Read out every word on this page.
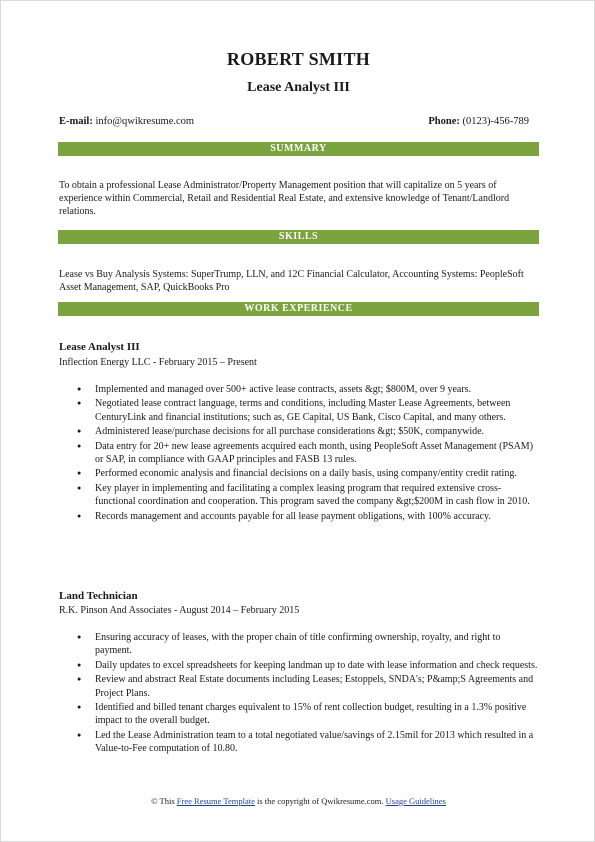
ROBERT SMITH
Lease Analyst III
E-mail: info@qwikresume.com	Phone: (0123)-456-789
SUMMARY
To obtain a professional Lease Administrator/Property Management position that will capitalize on 5 years of experience within Commercial, Retail and Residential Real Estate, and extensive knowledge of Tenant/Landlord relations.
SKILLS
Lease vs Buy Analysis Systems: SuperTrump, LLN, and 12C Financial Calculator, Accounting Systems: PeopleSoft Asset Management, SAP, QuickBooks Pro
WORK EXPERIENCE
Lease Analyst III
Inflection Energy LLC - February 2015 – Present
● Implemented and managed over 500+ active lease contracts, assets &gt; $800M, over 9 years.
● Negotiated lease contract language, terms and conditions, including Master Lease Agreements, between CenturyLink and financial institutions; such as, GE Capital, US Bank, Cisco Capital, and many others.
● Administered lease/purchase decisions for all purchase considerations &gt; $50K, companywide.
● Data entry for 20+ new lease agreements acquired each month, using PeopleSoft Asset Management (PSAM) or SAP, in compliance with GAAP principles and FASB 13 rules.
● Performed economic analysis and financial decisions on a daily basis, using company/entity credit rating.
● Key player in implementing and facilitating a complex leasing program that required extensive cross-functional coordination and cooperation. This program saved the company &gt;$200M in cash flow in 2010.
● Records management and accounts payable for all lease payment obligations, with 100% accuracy.
Land Technician
R.K. Pinson And Associates - August 2014 – February 2015
● Ensuring accuracy of leases, with the proper chain of title confirming ownership, royalty, and right to payment.
● Daily updates to excel spreadsheets for keeping landman up to date with lease information and check requests.
● Review and abstract Real Estate documents including Leases; Estoppels, SNDA's; P&amp;S Agreements and Project Plans.
● Identified and billed tenant charges equivalent to 15% of rent collection budget, resulting in a 1.3% positive impact to the overall budget.
● Led the Lease Administration team to a total negotiated value/savings of 2.15mil for 2013 which resulted in a Value-to-Fee computation of 10.80.
© This Free Resume Template is the copyright of Qwikresume.com. Usage Guidelines
